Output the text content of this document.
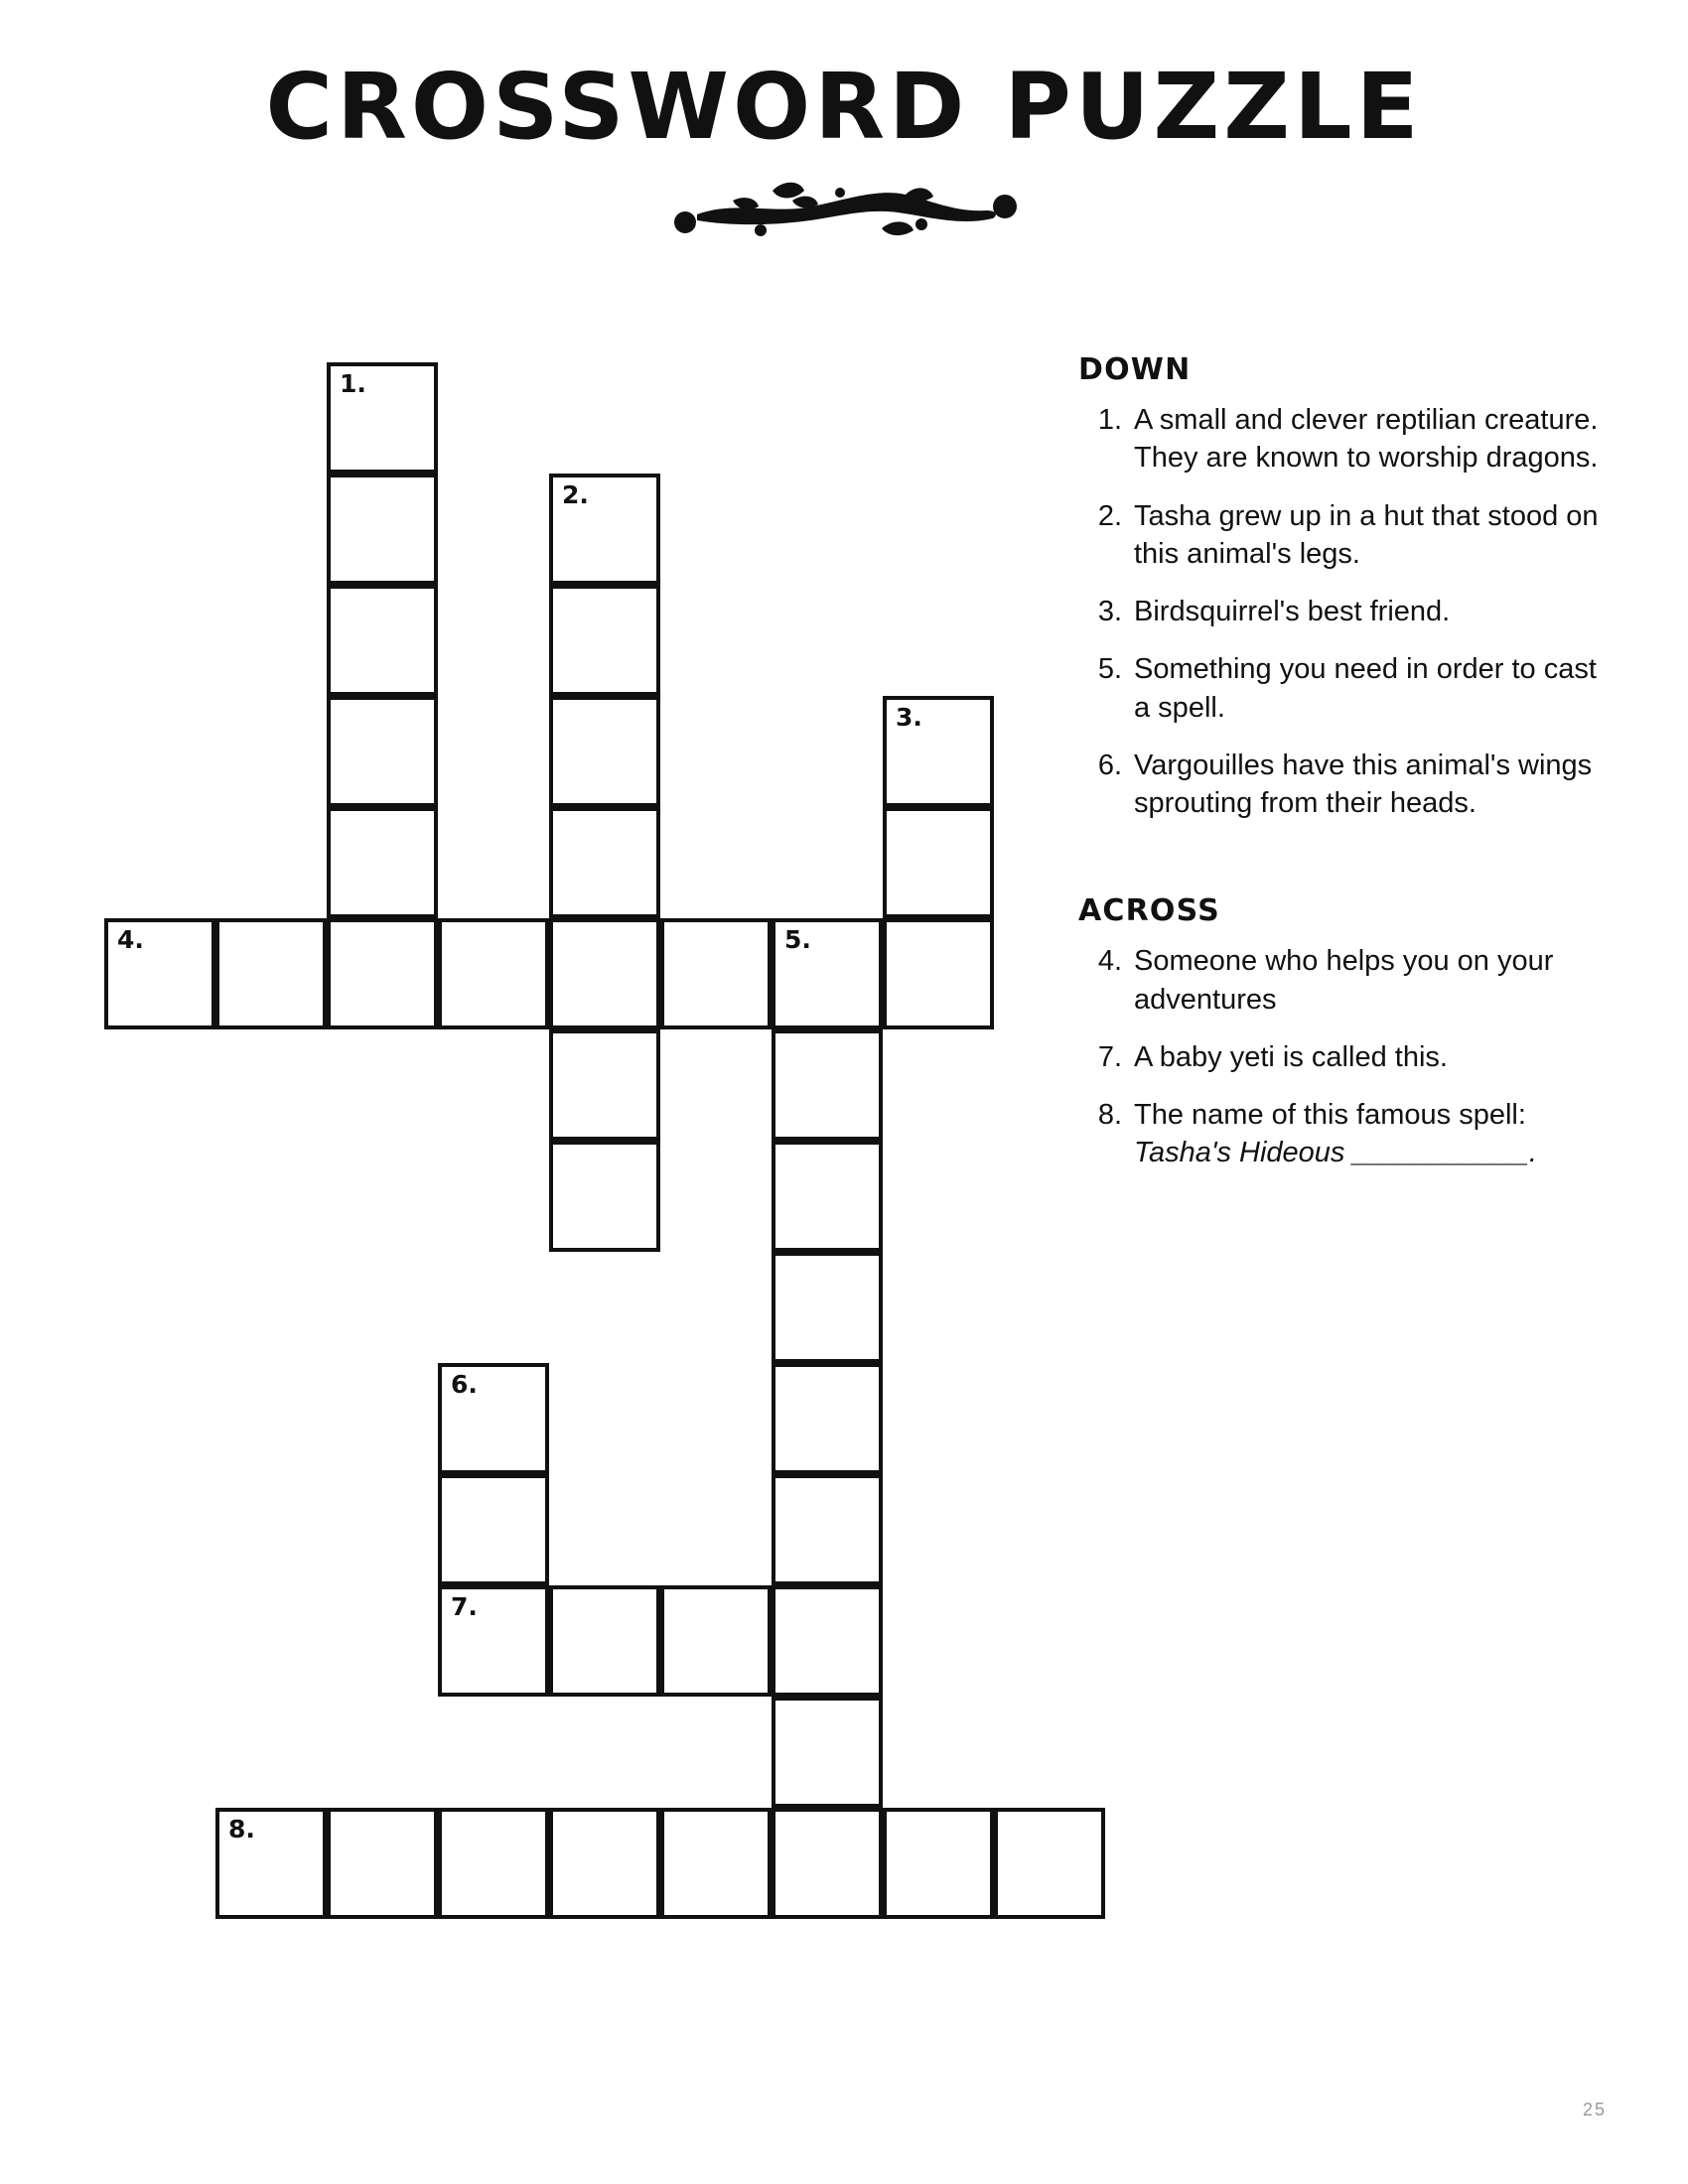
CROSSWORD PUZZLE
1.
2.
3.
4.	5.
6.
7.
8.
DOWN
1. A small and clever reptilian creature. They are known to worship dragons.
2. Tasha grew up in a hut that stood on this animal's legs.
3. Birdsquirrel's best friend.
5. Something you need in order to cast a spell.
6. Vargouilles have this animal's wings sprouting from their heads.
ACROSS
4. Someone who helps you on your adventures
7. A baby yeti is called this.
8. The name of this famous spell: Tasha's Hideous ___________.
25
